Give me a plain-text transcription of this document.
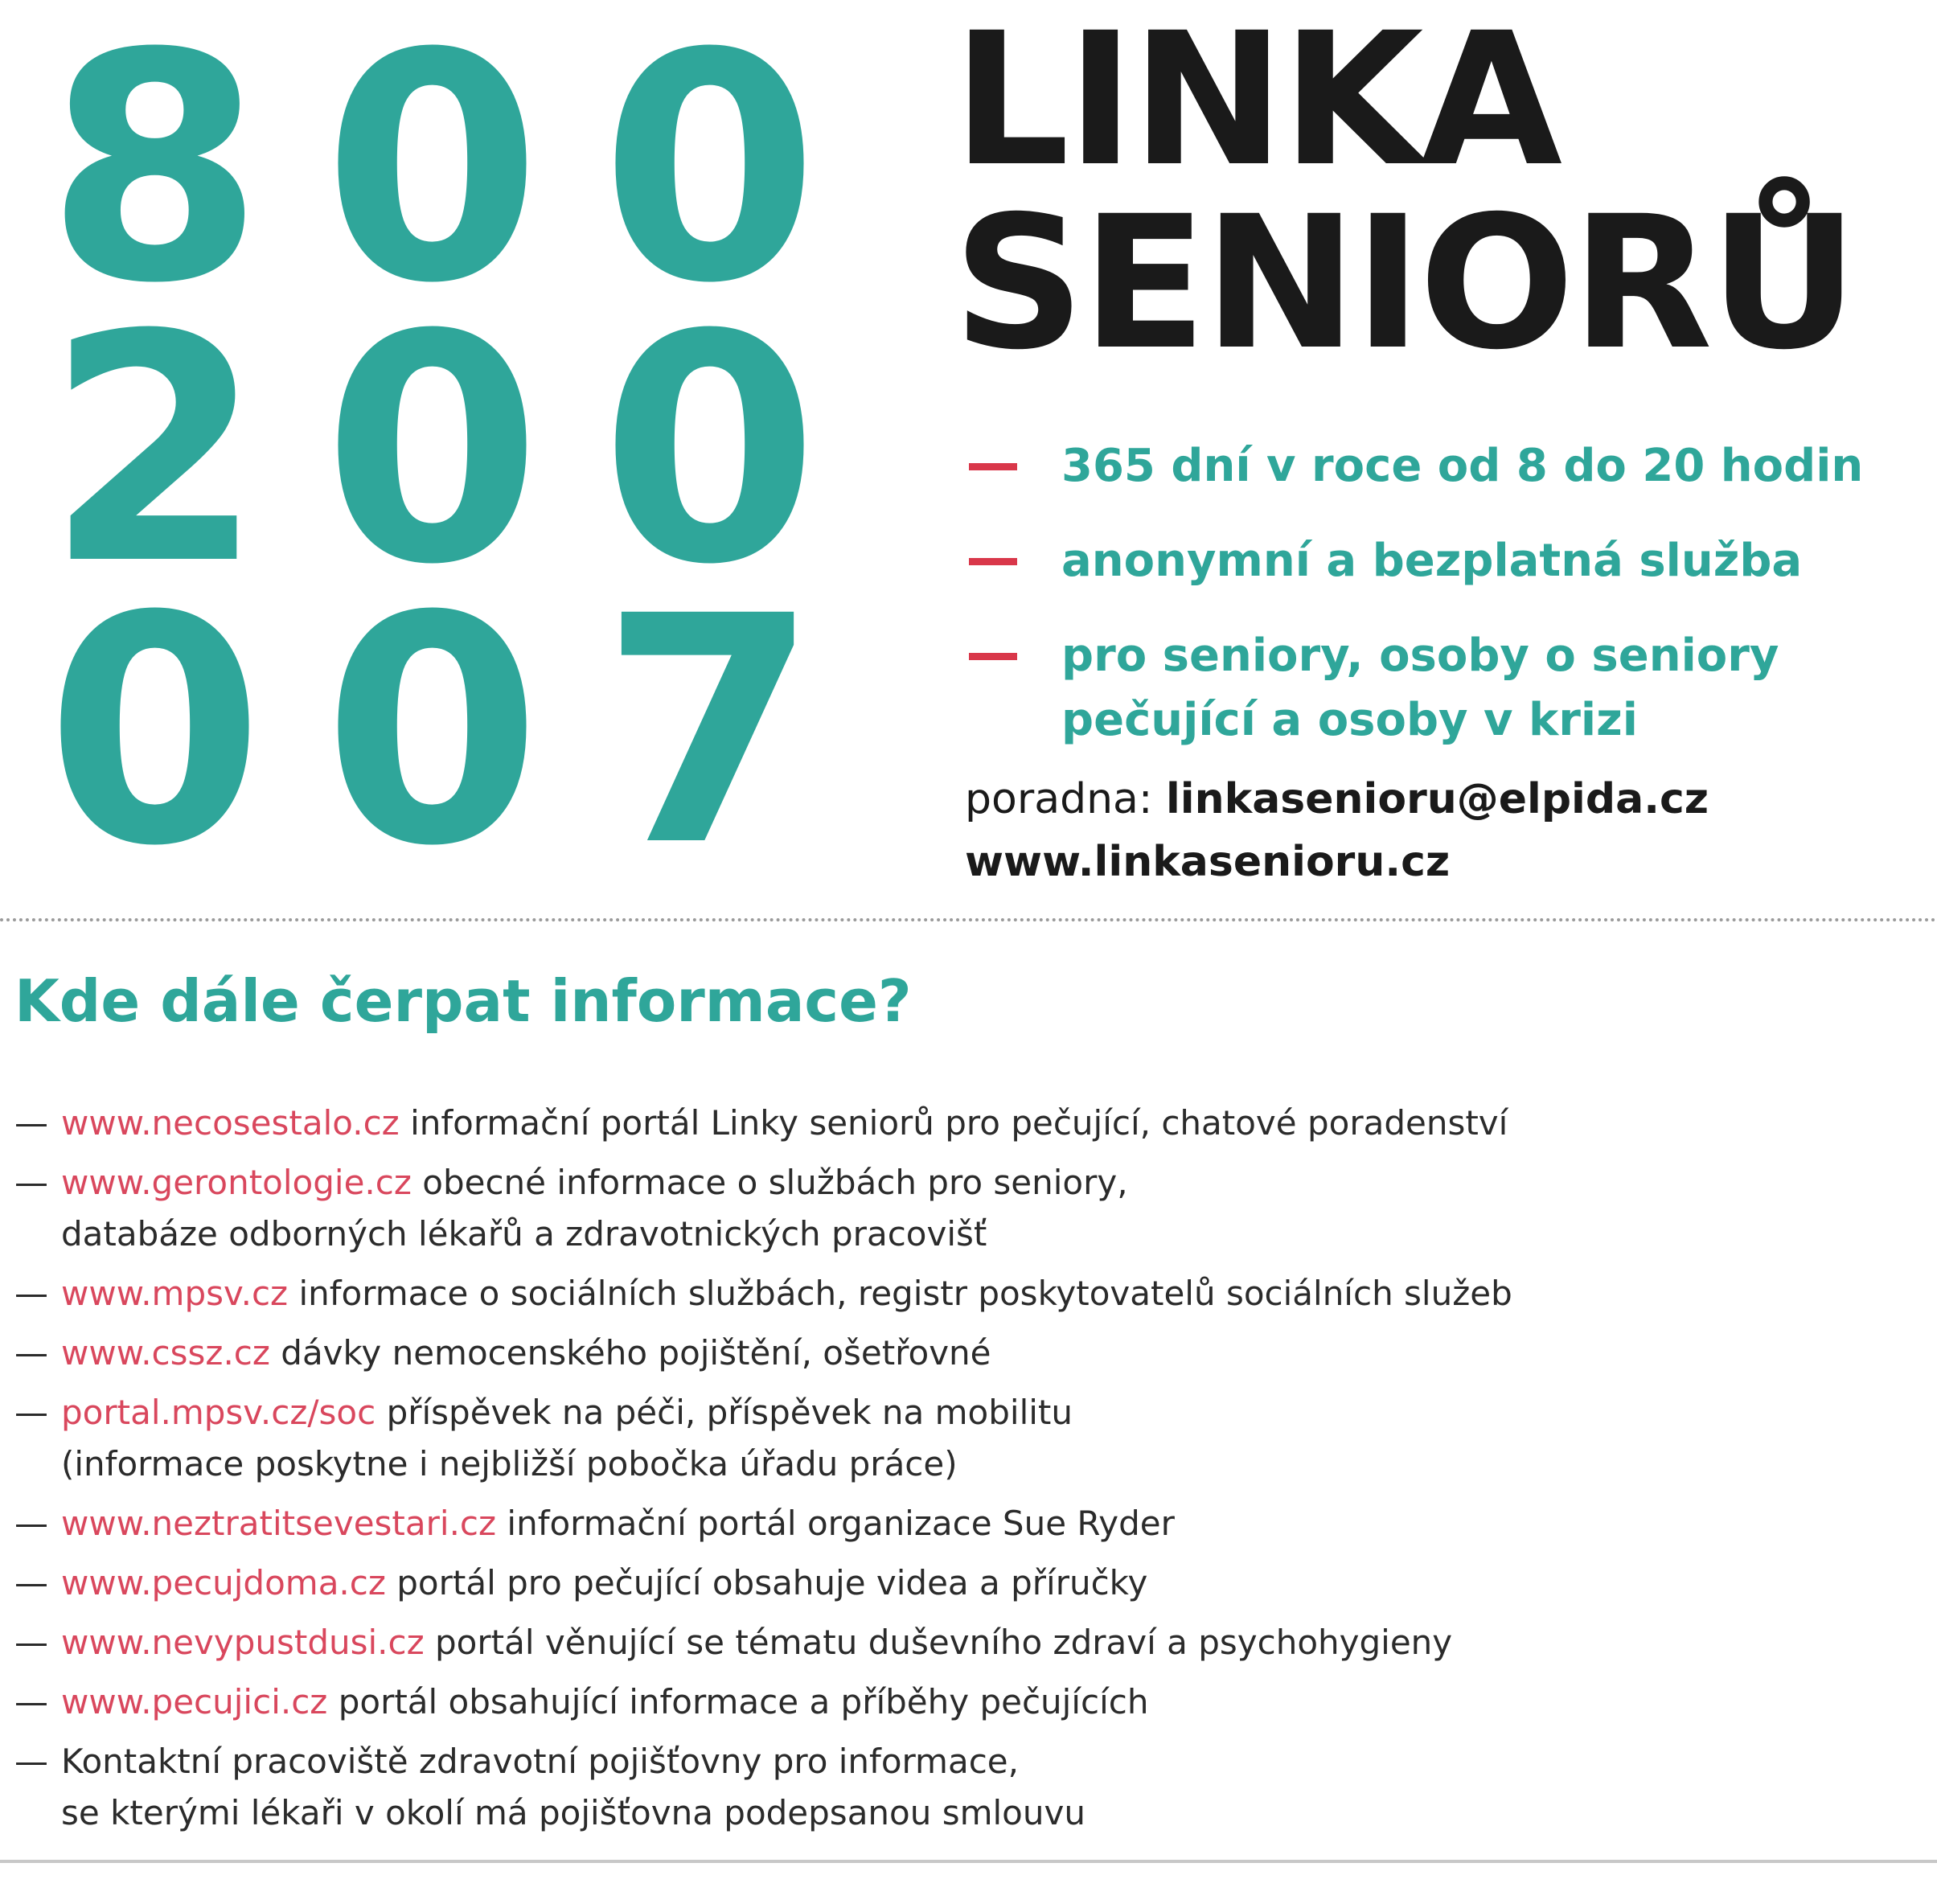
8 0 0
2 0 0
0 0 7
LINKA
SENIORŮ
365 dní v roce od 8 do 20 hodin
anonymní a bezplatná služba
pro seniory, osoby o seniory
pečující a osoby v krizi
poradna: linkasenioru@elpida.cz
www.linkasenioru.cz
Kde dále čerpat informace?
— www.necosestalo.cz informační portál Linky seniorů pro pečující, chatové poradenství
— www.gerontologie.cz obecné informace o službách pro seniory,
databáze odborných lékařů a zdravotnických pracovišť
— www.mpsv.cz informace o sociálních službách, registr poskytovatelů sociálních služeb
— www.cssz.cz dávky nemocenského pojištění, ošetřovné
— portal.mpsv.cz/soc příspěvek na péči, příspěvek na mobilitu
(informace poskytne i nejbližší pobočka úřadu práce)
— www.neztratitsevestari.cz informační portál organizace Sue Ryder
— www.pecujdoma.cz portál pro pečující obsahuje videa a příručky
— www.nevypustdusi.cz portál věnující se tématu duševního zdraví a psychohygieny
— www.pecujici.cz portál obsahující informace a příběhy pečujících
— Kontaktní pracoviště zdravotní pojišťovny pro informace,
se kterými lékaři v okolí má pojišťovna podepsanou smlouvu
